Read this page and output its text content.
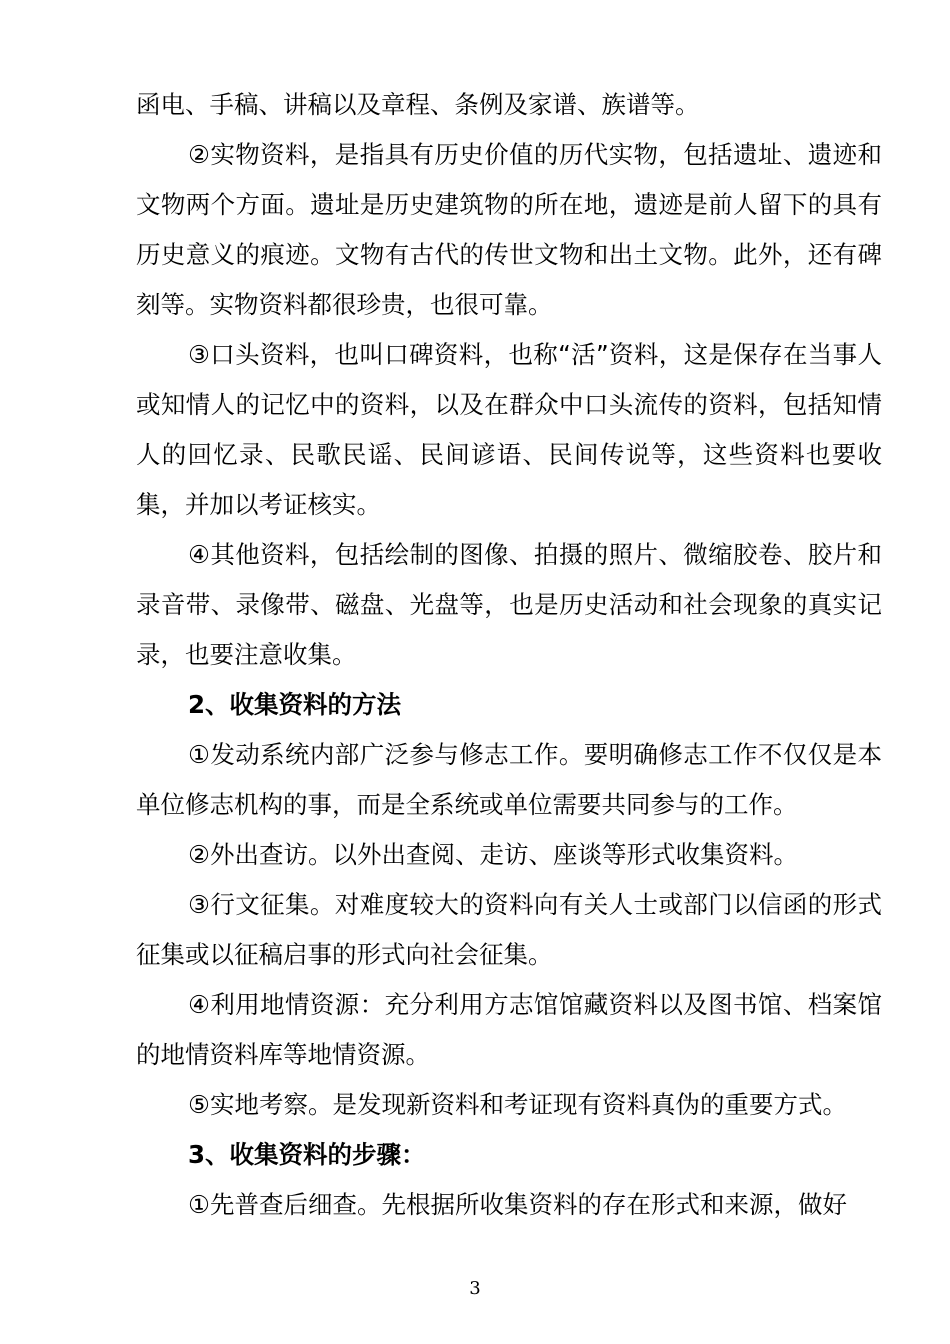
函电、手稿、讲稿以及章程、条例及家谱、族谱等。

②实物资料，是指具有历史价值的历代实物，包括遗址、遗迹和文物两个方面。遗址是历史建筑物的所在地，遗迹是前人留下的具有历史意义的痕迹。文物有古代的传世文物和出土文物。此外，还有碑刻等。实物资料都很珍贵，也很可靠。

③口头资料，也叫口碑资料，也称“活”资料，这是保存在当事人或知情人的记忆中的资料，以及在群众中口头流传的资料，包括知情人的回忆录、民歌民谣、民间谚语、民间传说等，这些资料也要收集，并加以考证核实。

④其他资料，包括绘制的图像、拍摄的照片、微缩胶卷、胶片和录音带、录像带、磁盘、光盘等，也是历史活动和社会现象的真实记录，也要注意收集。

2、收集资料的方法

①发动系统内部广泛参与修志工作。要明确修志工作不仅仅是本单位修志机构的事，而是全系统或单位需要共同参与的工作。

②外出查访。以外出查阅、走访、座谈等形式收集资料。

③行文征集。对难度较大的资料向有关人士或部门以信函的形式征集或以征稿启事的形式向社会征集。

④利用地情资源：充分利用方志馆馆藏资料以及图书馆、档案馆的地情资料库等地情资源。

⑤实地考察。是发现新资料和考证现有资料真伪的重要方式。

3、收集资料的步骤：

①先普查后细查。先根据所收集资料的存在形式和来源，做好

3
